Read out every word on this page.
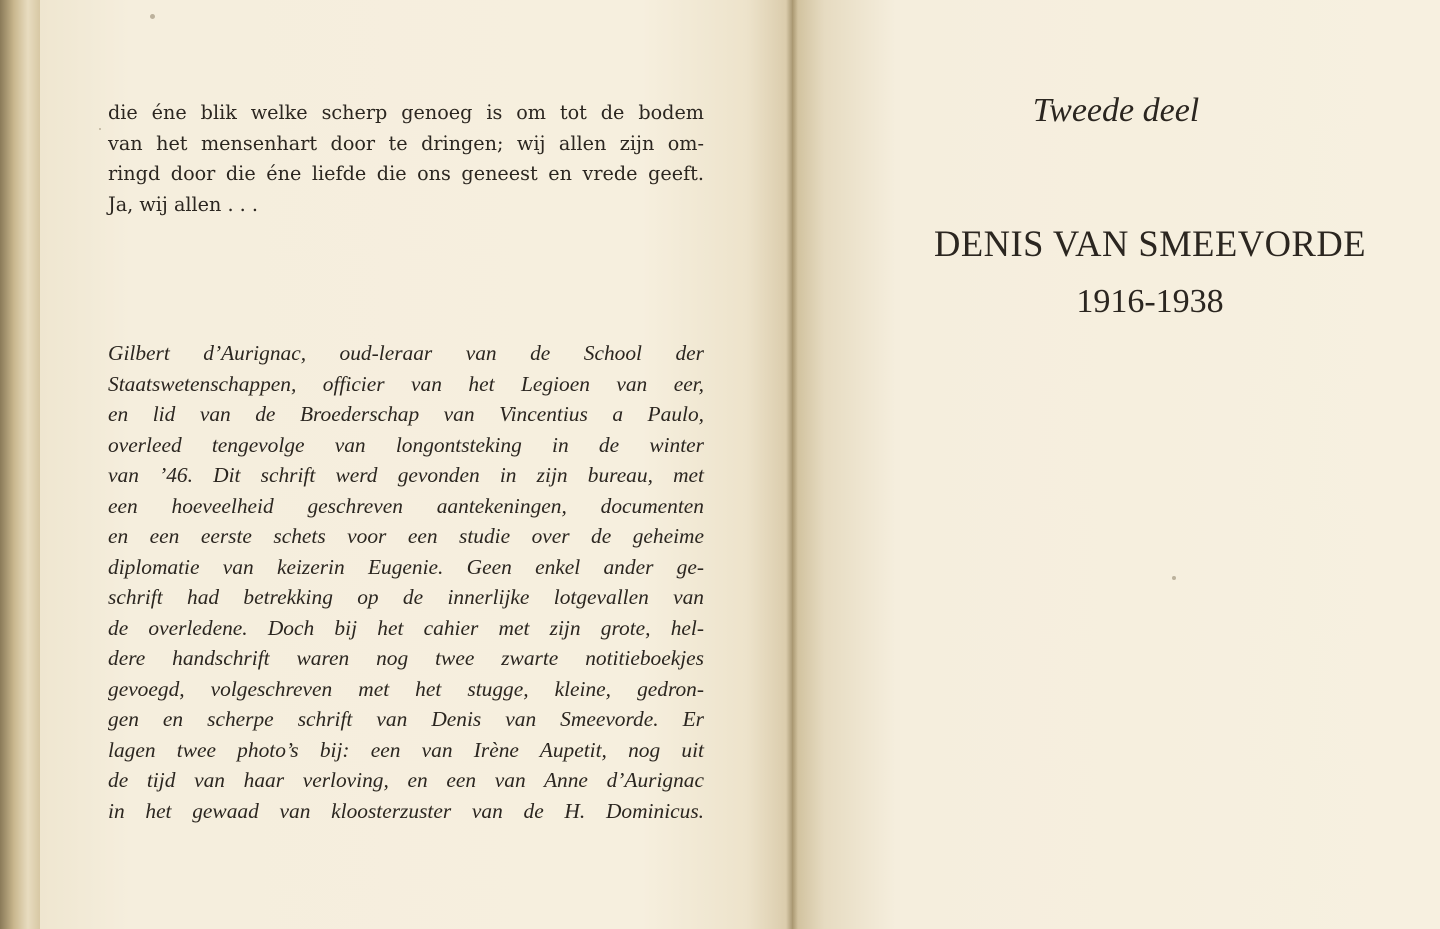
die éne blik welke scherp genoeg is om tot de bodem
van het mensenhart door te dringen; wij allen zijn om-
ringd door die éne liefde die ons geneest en vrede geeft.
Ja, wij allen . . .
Gilbert d’Aurignac, oud-leraar van de School der
Staatswetenschappen, officier van het Legioen van eer,
en lid van de Broederschap van Vincentius a Paulo,
overleed tengevolge van longontsteking in de winter
van ’46. Dit schrift werd gevonden in zijn bureau, met
een hoeveelheid geschreven aantekeningen, documenten
en een eerste schets voor een studie over de geheime
diplomatie van keizerin Eugenie. Geen enkel ander ge-
schrift had betrekking op de innerlijke lotgevallen van
de overledene. Doch bij het cahier met zijn grote, hel-
dere handschrift waren nog twee zwarte notitieboekjes
gevoegd, volgeschreven met het stugge, kleine, gedron-
gen en scherpe schrift van Denis van Smeevorde. Er
lagen twee photo’s bij: een van Irène Aupetit, nog uit
de tijd van haar verloving, en een van Anne d’Aurignac
in het gewaad van kloosterzuster van de H. Dominicus.

Tweede deel

DENIS VAN SMEEVORDE

1916-1938
